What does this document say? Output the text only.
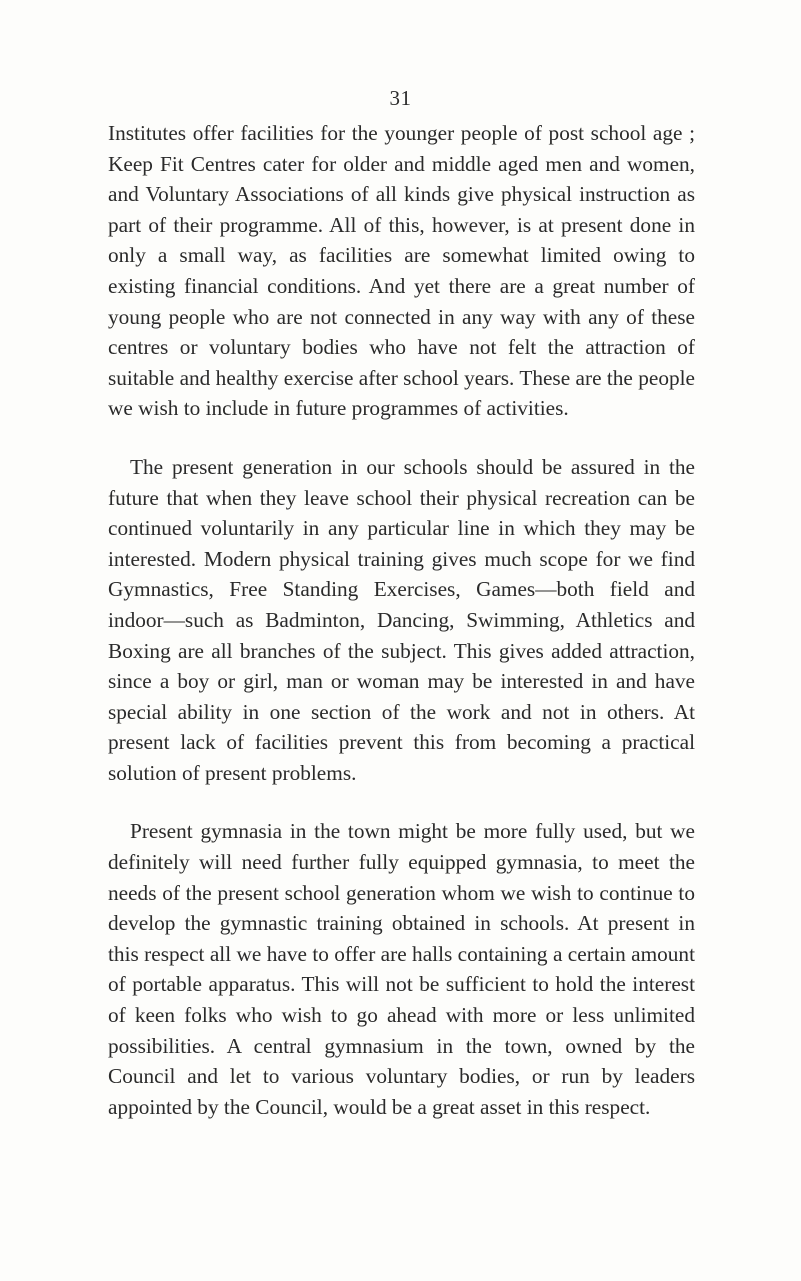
31

Institutes offer facilities for the younger people of post school age ; Keep Fit Centres cater for older and middle aged men and women, and Voluntary Associations of all kinds give physical instruction as part of their programme. All of this, however, is at present done in only a small way, as facilities are somewhat limited owing to existing financial conditions. And yet there are a great number of young people who are not connected in any way with any of these centres or voluntary bodies who have not felt the attraction of suitable and healthy exercise after school years. These are the people we wish to include in future programmes of activities.

The present generation in our schools should be assured in the future that when they leave school their physical recreation can be continued voluntarily in any particular line in which they may be interested. Modern physical training gives much scope for we find Gymnastics, Free Standing Exercises, Games—both field and indoor—such as Badminton, Dancing, Swimming, Athletics and Boxing are all branches of the subject. This gives added attraction, since a boy or girl, man or woman may be interested in and have special ability in one section of the work and not in others. At present lack of facilities prevent this from becoming a practical solution of present problems.

Present gymnasia in the town might be more fully used, but we definitely will need further fully equipped gymnasia, to meet the needs of the present school generation whom we wish to continue to develop the gymnastic training obtained in schools. At present in this respect all we have to offer are halls containing a certain amount of portable apparatus. This will not be sufficient to hold the interest of keen folks who wish to go ahead with more or less unlimited possibilities. A central gymnasium in the town, owned by the Council and let to various voluntary bodies, or run by leaders appointed by the Council, would be a great asset in this respect.
